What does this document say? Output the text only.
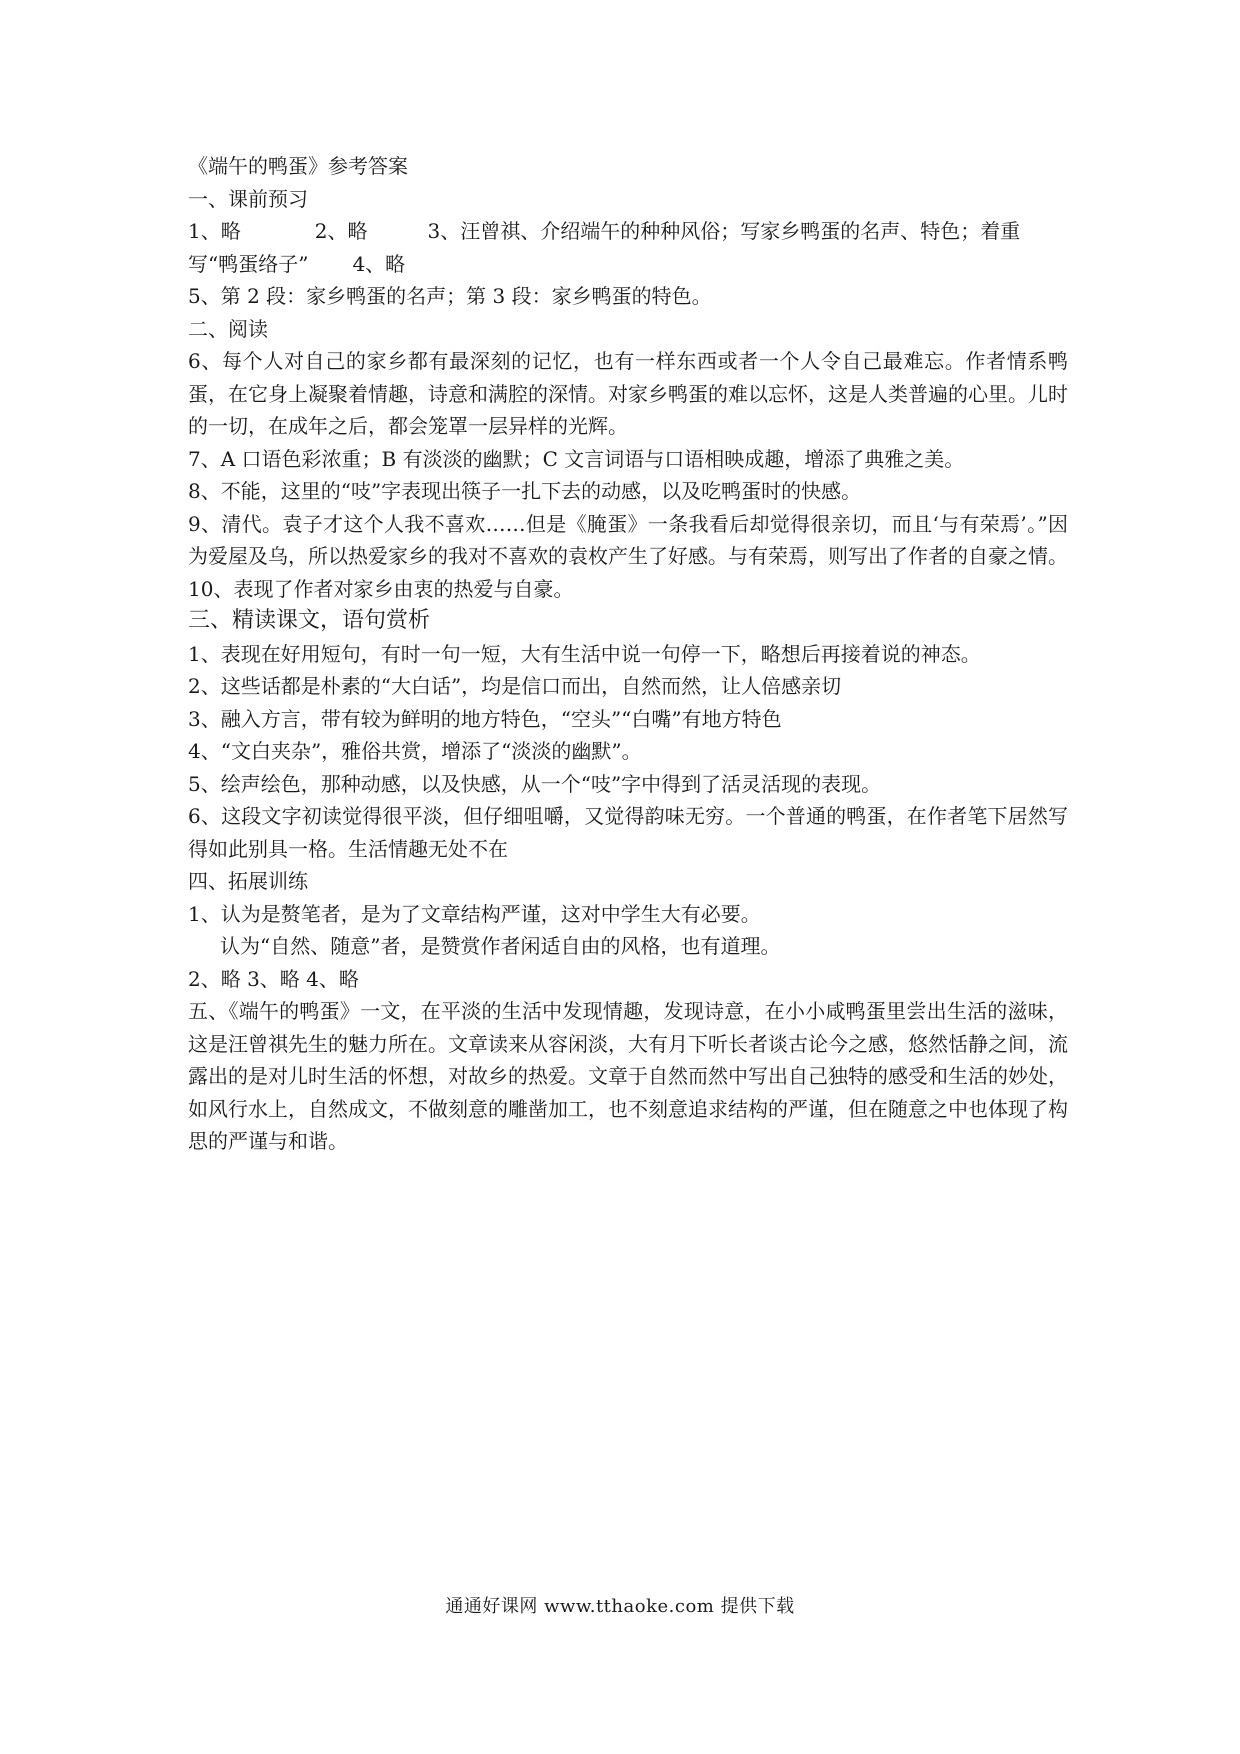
《端午的鸭蛋》参考答案

一、课前预习

1、略	2、略	3、汪曾祺、介绍端午的种种风俗；写家乡鸭蛋的名声、特色；着重

写“鸭蛋络子” 4、略

5、第 2 段：家乡鸭蛋的名声；第 3 段：家乡鸭蛋的特色。

二、阅读

6、每个人对自己的家乡都有最深刻的记忆，也有一样东西或者一个人令自己最难忘。作者情系鸭蛋，在它身上凝聚着情趣，诗意和满腔的深情。对家乡鸭蛋的难以忘怀，这是人类普遍的心里。儿时的一切，在成年之后，都会笼罩一层异样的光辉。

7、A 口语色彩浓重；B 有淡淡的幽默；C 文言词语与口语相映成趣，增添了典雅之美。

8、不能，这里的“吱”字表现出筷子一扎下去的动感，以及吃鸭蛋时的快感。

9、清代。袁子才这个人我不喜欢……但是《腌蛋》一条我看后却觉得很亲切，而且‘与有荣焉’。”因为爱屋及乌，所以热爱家乡的我对不喜欢的袁枚产生了好感。与有荣焉，则写出了作者的自豪之情。

10、表现了作者对家乡由衷的热爱与自豪。

三、精读课文，语句赏析

1、表现在好用短句，有时一句一短，大有生活中说一句停一下，略想后再接着说的神态。

2、这些话都是朴素的“大白话”，均是信口而出，自然而然，让人倍感亲切

3、融入方言，带有较为鲜明的地方特色，“空头”“白嘴”有地方特色

4、“文白夹杂”，雅俗共赏，增添了“淡淡的幽默”。

5、绘声绘色，那种动感，以及快感，从一个“吱”字中得到了活灵活现的表现。

6、这段文字初读觉得很平淡，但仔细咀嚼，又觉得韵味无穷。一个普通的鸭蛋，在作者笔下居然写得如此别具一格。生活情趣无处不在

四、拓展训练

1、认为是赘笔者，是为了文章结构严谨，这对中学生大有必要。

认为“自然、随意”者，是赞赏作者闲适自由的风格，也有道理。

2、略 3、略 4、略

五、《端午的鸭蛋》一文，在平淡的生活中发现情趣，发现诗意，在小小咸鸭蛋里尝出生活的滋味，这是汪曾祺先生的魅力所在。文章读来从容闲淡，大有月下听长者谈古论今之感，悠然恬静之间，流露出的是对儿时生活的怀想，对故乡的热爱。文章于自然而然中写出自己独特的感受和生活的妙处，如风行水上，自然成文，不做刻意的雕凿加工，也不刻意追求结构的严谨，但在随意之中也体现了构思的严谨与和谐。

通通好课网 www.tthaoke.com 提供下载
